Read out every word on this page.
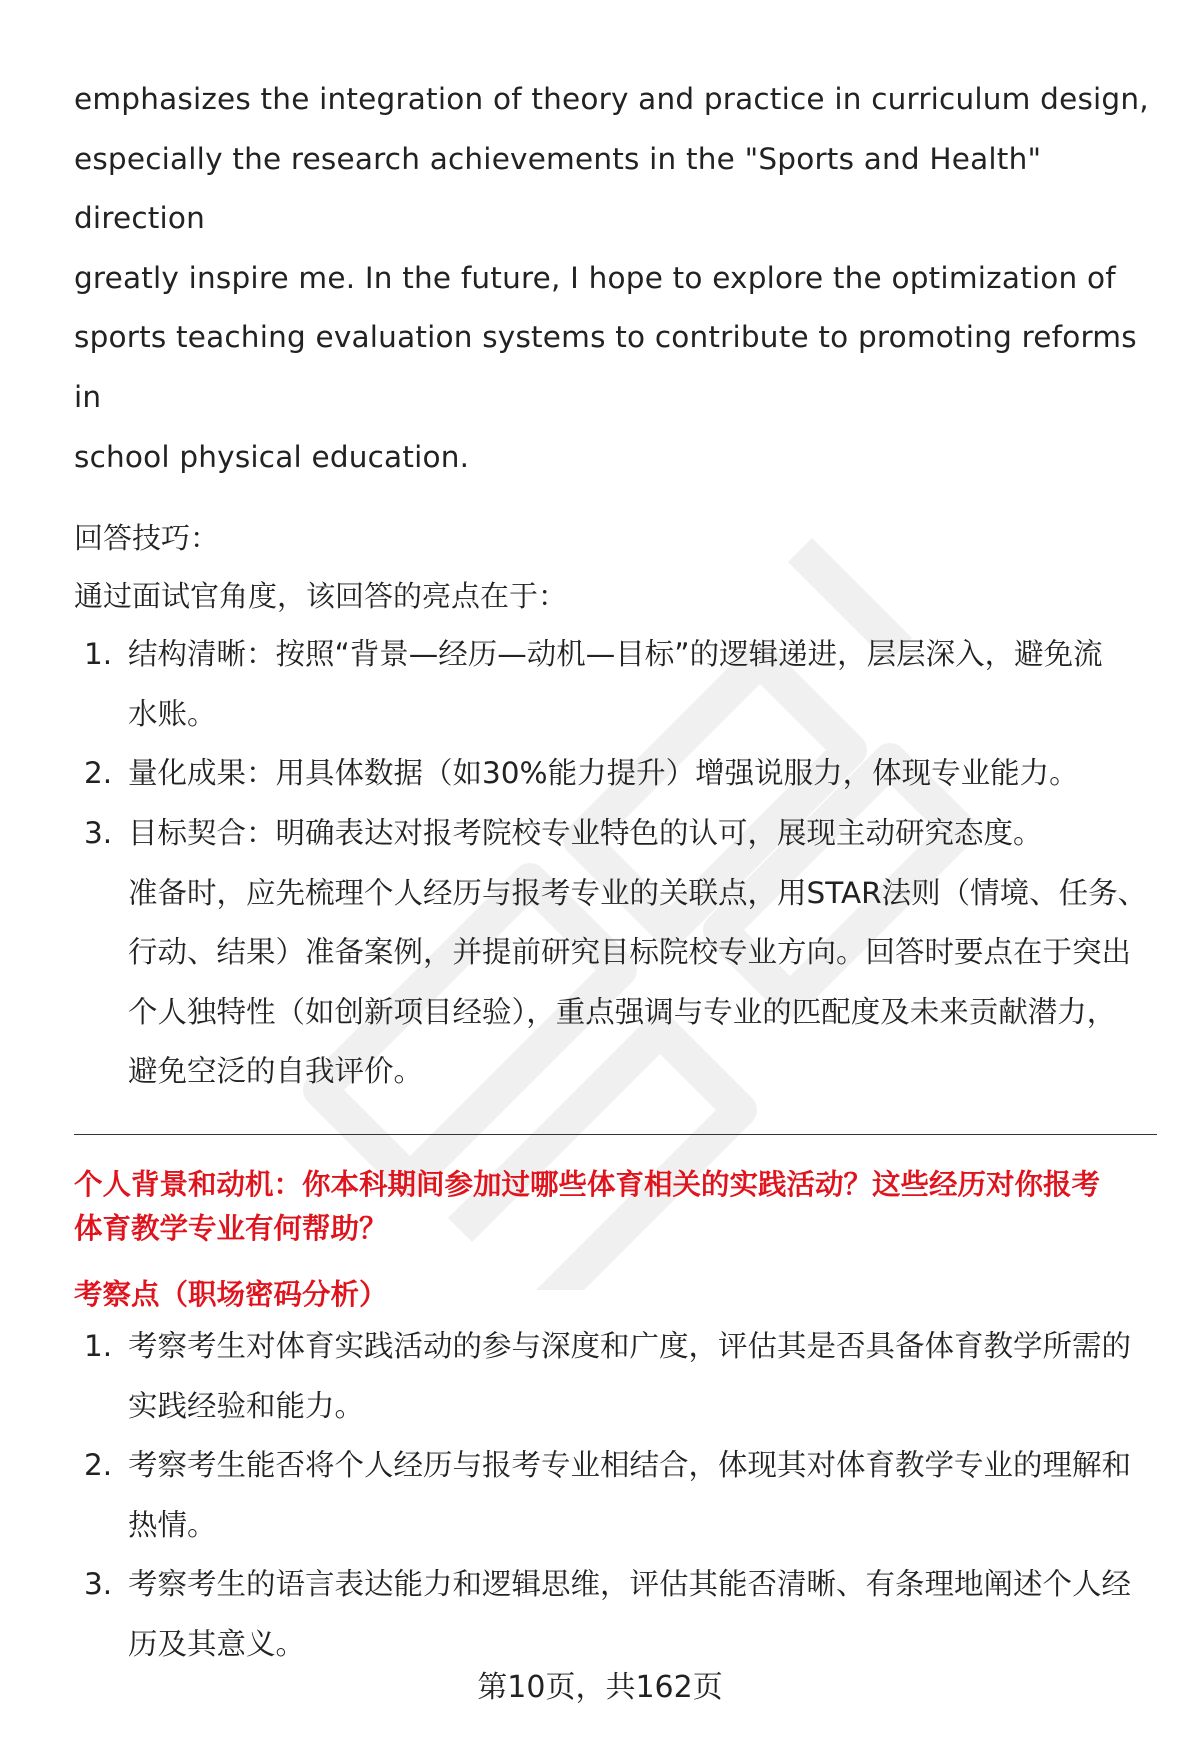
emphasizes the integration of theory and practice in curriculum design,

especially the research achievements in the "Sports and Health" direction

greatly inspire me. In the future, I hope to explore the optimization of

sports teaching evaluation systems to contribute to promoting reforms in

school physical education.

回答技巧：

通过面试官角度，该回答的亮点在于：

1. 结构清晰：按照“背景—经历—动机—目标”的逻辑递进，层层深入，避免流
水账。
2. 量化成果：用具体数据（如30%能力提升）增强说服力，体现专业能力。
3. 目标契合：明确表达对报考院校专业特色的认可，展现主动研究态度。
准备时，应先梳理个人经历与报考专业的关联点，用STAR法则（情境、任务、
行动、结果）准备案例，并提前研究目标院校专业方向。回答时要点在于突出
个人独特性（如创新项目经验），重点强调与专业的匹配度及未来贡献潜力，
避免空泛的自我评价。
个人背景和动机：你本科期间参加过哪些体育相关的实践活动？这些经历对你报考
体育教学专业有何帮助？
考察点（职场密码分析）
1. 考察考生对体育实践活动的参与深度和广度，评估其是否具备体育教学所需的
实践经验和能力。
2. 考察考生能否将个人经历与报考专业相结合，体现其对体育教学专业的理解和
热情。
3. 考察考生的语言表达能力和逻辑思维，评估其能否清晰、有条理地阐述个人经
历及其意义。
第10页，共162页
